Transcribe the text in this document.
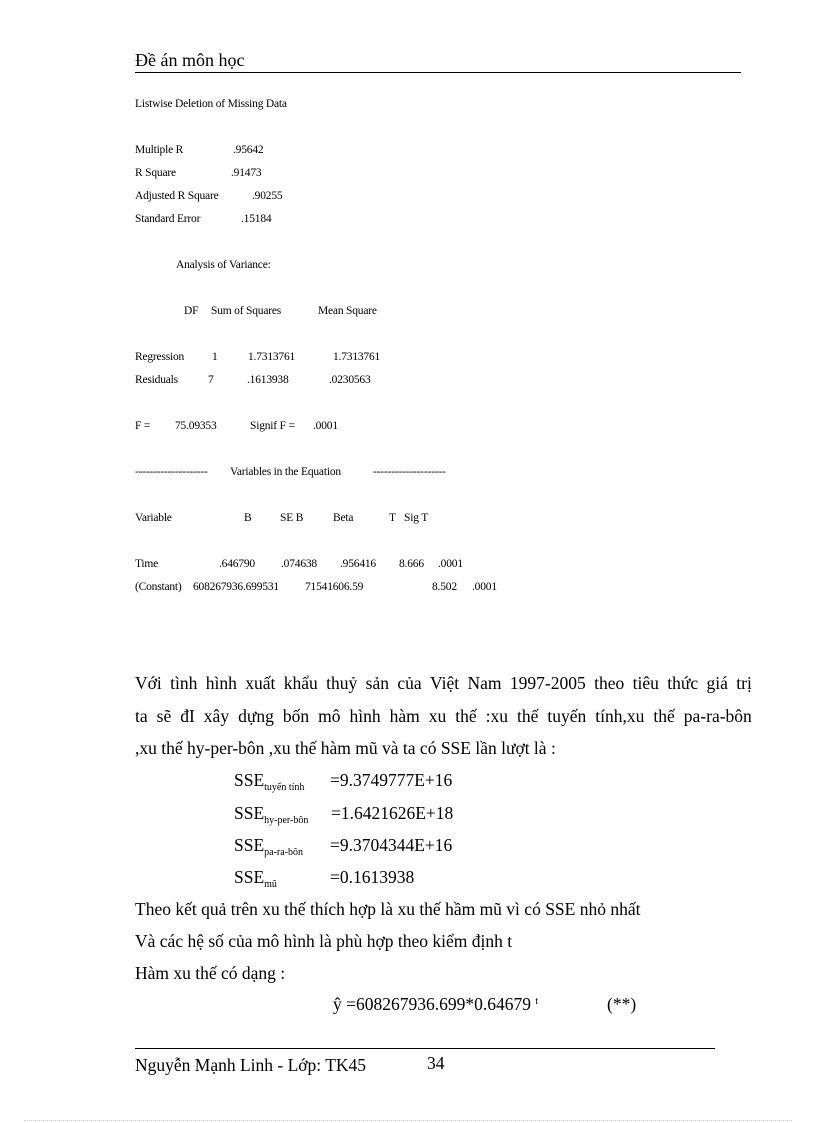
Đề án môn học
Listwise Deletion of Missing Data
Multiple R	.95642
R Square	.91473
Adjusted R Square	.90255
Standard Error	.15184
Analysis of Variance:
DF Sum of Squares	Mean Square
Regression 1	1.7313761	1.7313761
Residuals	7	.1613938	.0230563
F = 75.09353	Signif F = .0001
-------------------- Variables in the Equation	--------------------
Variable	B SE B	Beta	T Sig T
Time	.646790 .074638 .956416 8.666 .0001
(Constant) 608267936.699531 71541606.59	8.502 .0001
Với tình hình xuất khẩu thuỷ sản của Việt Nam 1997-2005 theo tiêu thức giá trị
ta sẽ đI xây dựng bốn mô hình hàm xu thế :xu thế tuyến tính,xu thế pa-ra-bôn
,xu thế hy-per-bôn ,xu thế hàm mũ và ta có SSE lần lượt là :
$SSE_{tuyến tính} =9.3749777E+16$
$SSE_{hy-per-bôn} =1.6421626E+18$
$SSE_{pa-ra-bôn} =9.3704344E+16$
$SSE_{mũ}$	=0.1613938
Theo kết quả trên xu thế thích hợp là xu thế hầm mũ vì có SSE nhỏ nhất
Và các hệ số của mô hình là phù hợp theo kiểm định t
Hàm xu thế có dạng :
ŷ =608267936.699*0.64679 $^t$	(**)
Nguyễn Mạnh Linh - Lớp: TK45	34
